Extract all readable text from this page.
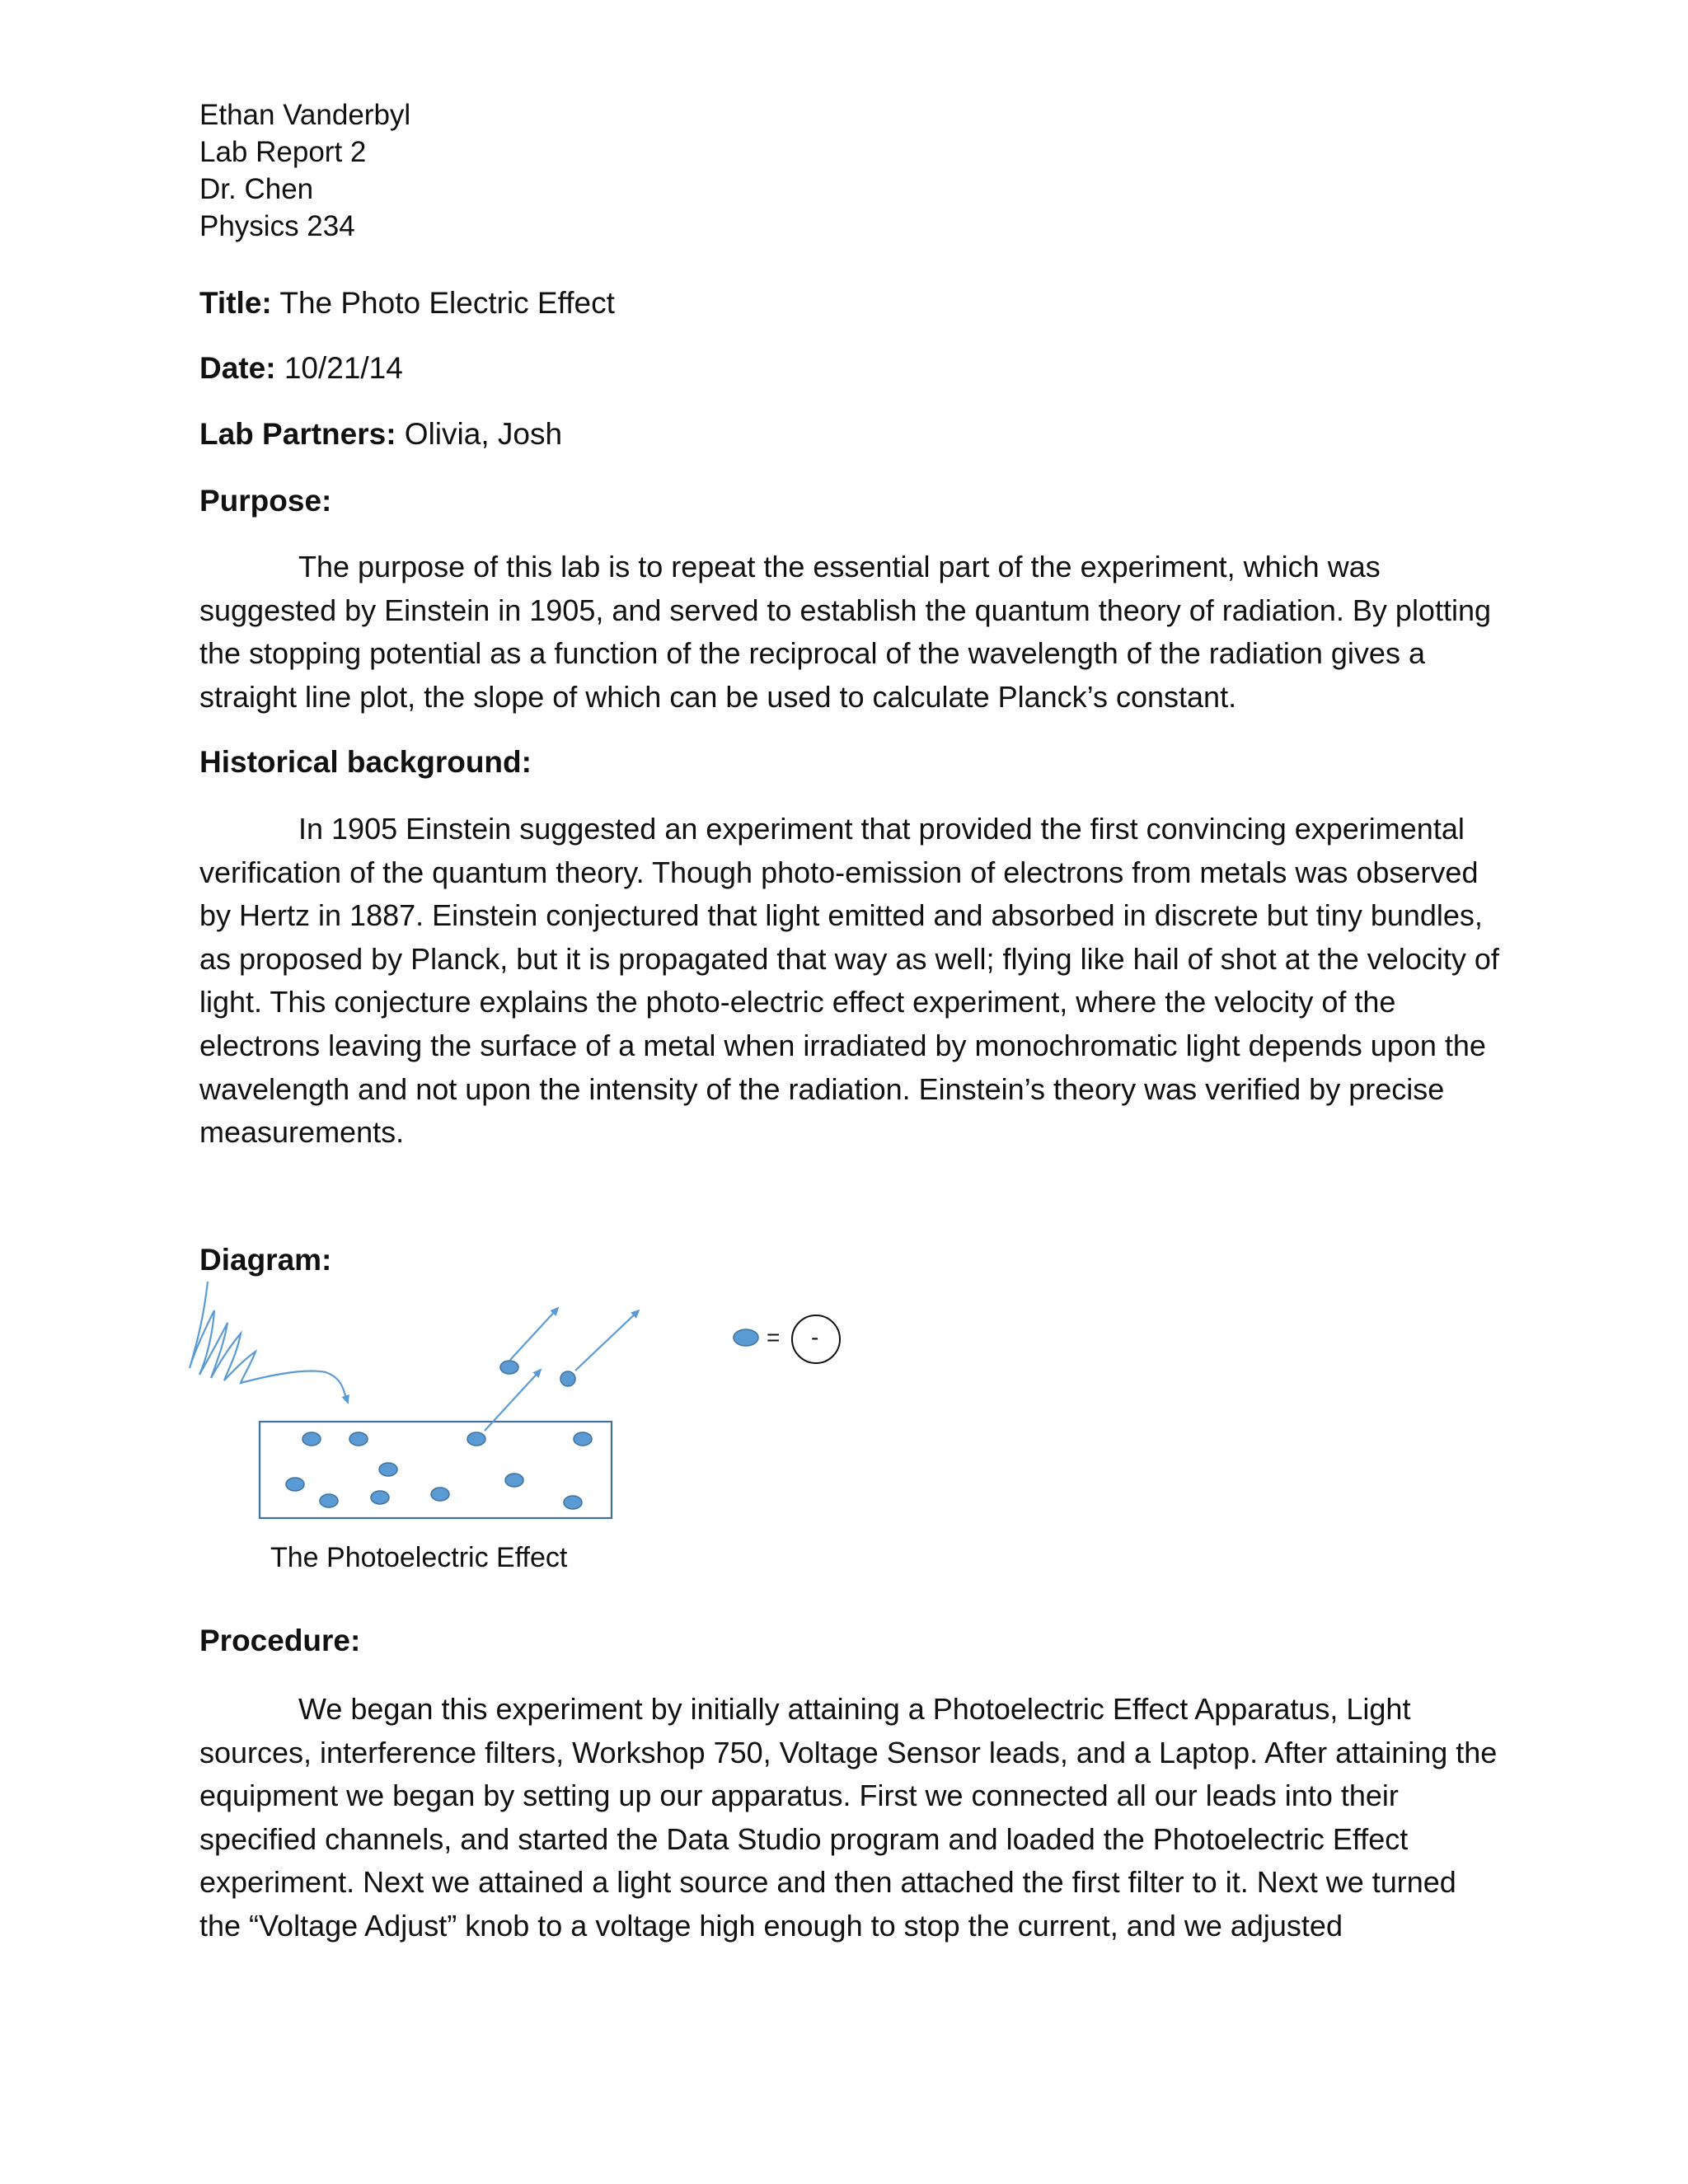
Ethan Vanderbyl
Lab Report 2
Dr. Chen
Physics 234
Title: The Photo Electric Effect
Date: 10/21/14
Lab Partners: Olivia, Josh
Purpose:
The purpose of this lab is to repeat the essential part of the experiment, which was suggested by Einstein in 1905, and served to establish the quantum theory of radiation. By plotting the stopping potential as a function of the reciprocal of the wavelength of the radiation gives a straight line plot, the slope of which can be used to calculate Planck’s constant.
Historical background:
In 1905 Einstein suggested an experiment that provided the first convincing experimental verification of the quantum theory. Though photo-emission of electrons from metals was observed by Hertz in 1887. Einstein conjectured that light emitted and absorbed in discrete but tiny bundles, as proposed by Planck, but it is propagated that way as well; flying like hail of shot at the velocity of light. This conjecture explains the photo-electric effect experiment, where the velocity of the electrons leaving the surface of a metal when irradiated by monochromatic light depends upon the wavelength and not upon the intensity of the radiation. Einstein’s theory was verified by precise measurements.
Diagram:
= -
The Photoelectric Effect
Procedure:
We began this experiment by initially attaining a Photoelectric Effect Apparatus, Light sources, interference filters, Workshop 750, Voltage Sensor leads, and a Laptop. After attaining the equipment we began by setting up our apparatus. First we connected all our leads into their specified channels, and started the Data Studio program and loaded the Photoelectric Effect experiment. Next we attained a light source and then attached the first filter to it. Next we turned the “Voltage Adjust” knob to a voltage high enough to stop the current, and we adjusted
